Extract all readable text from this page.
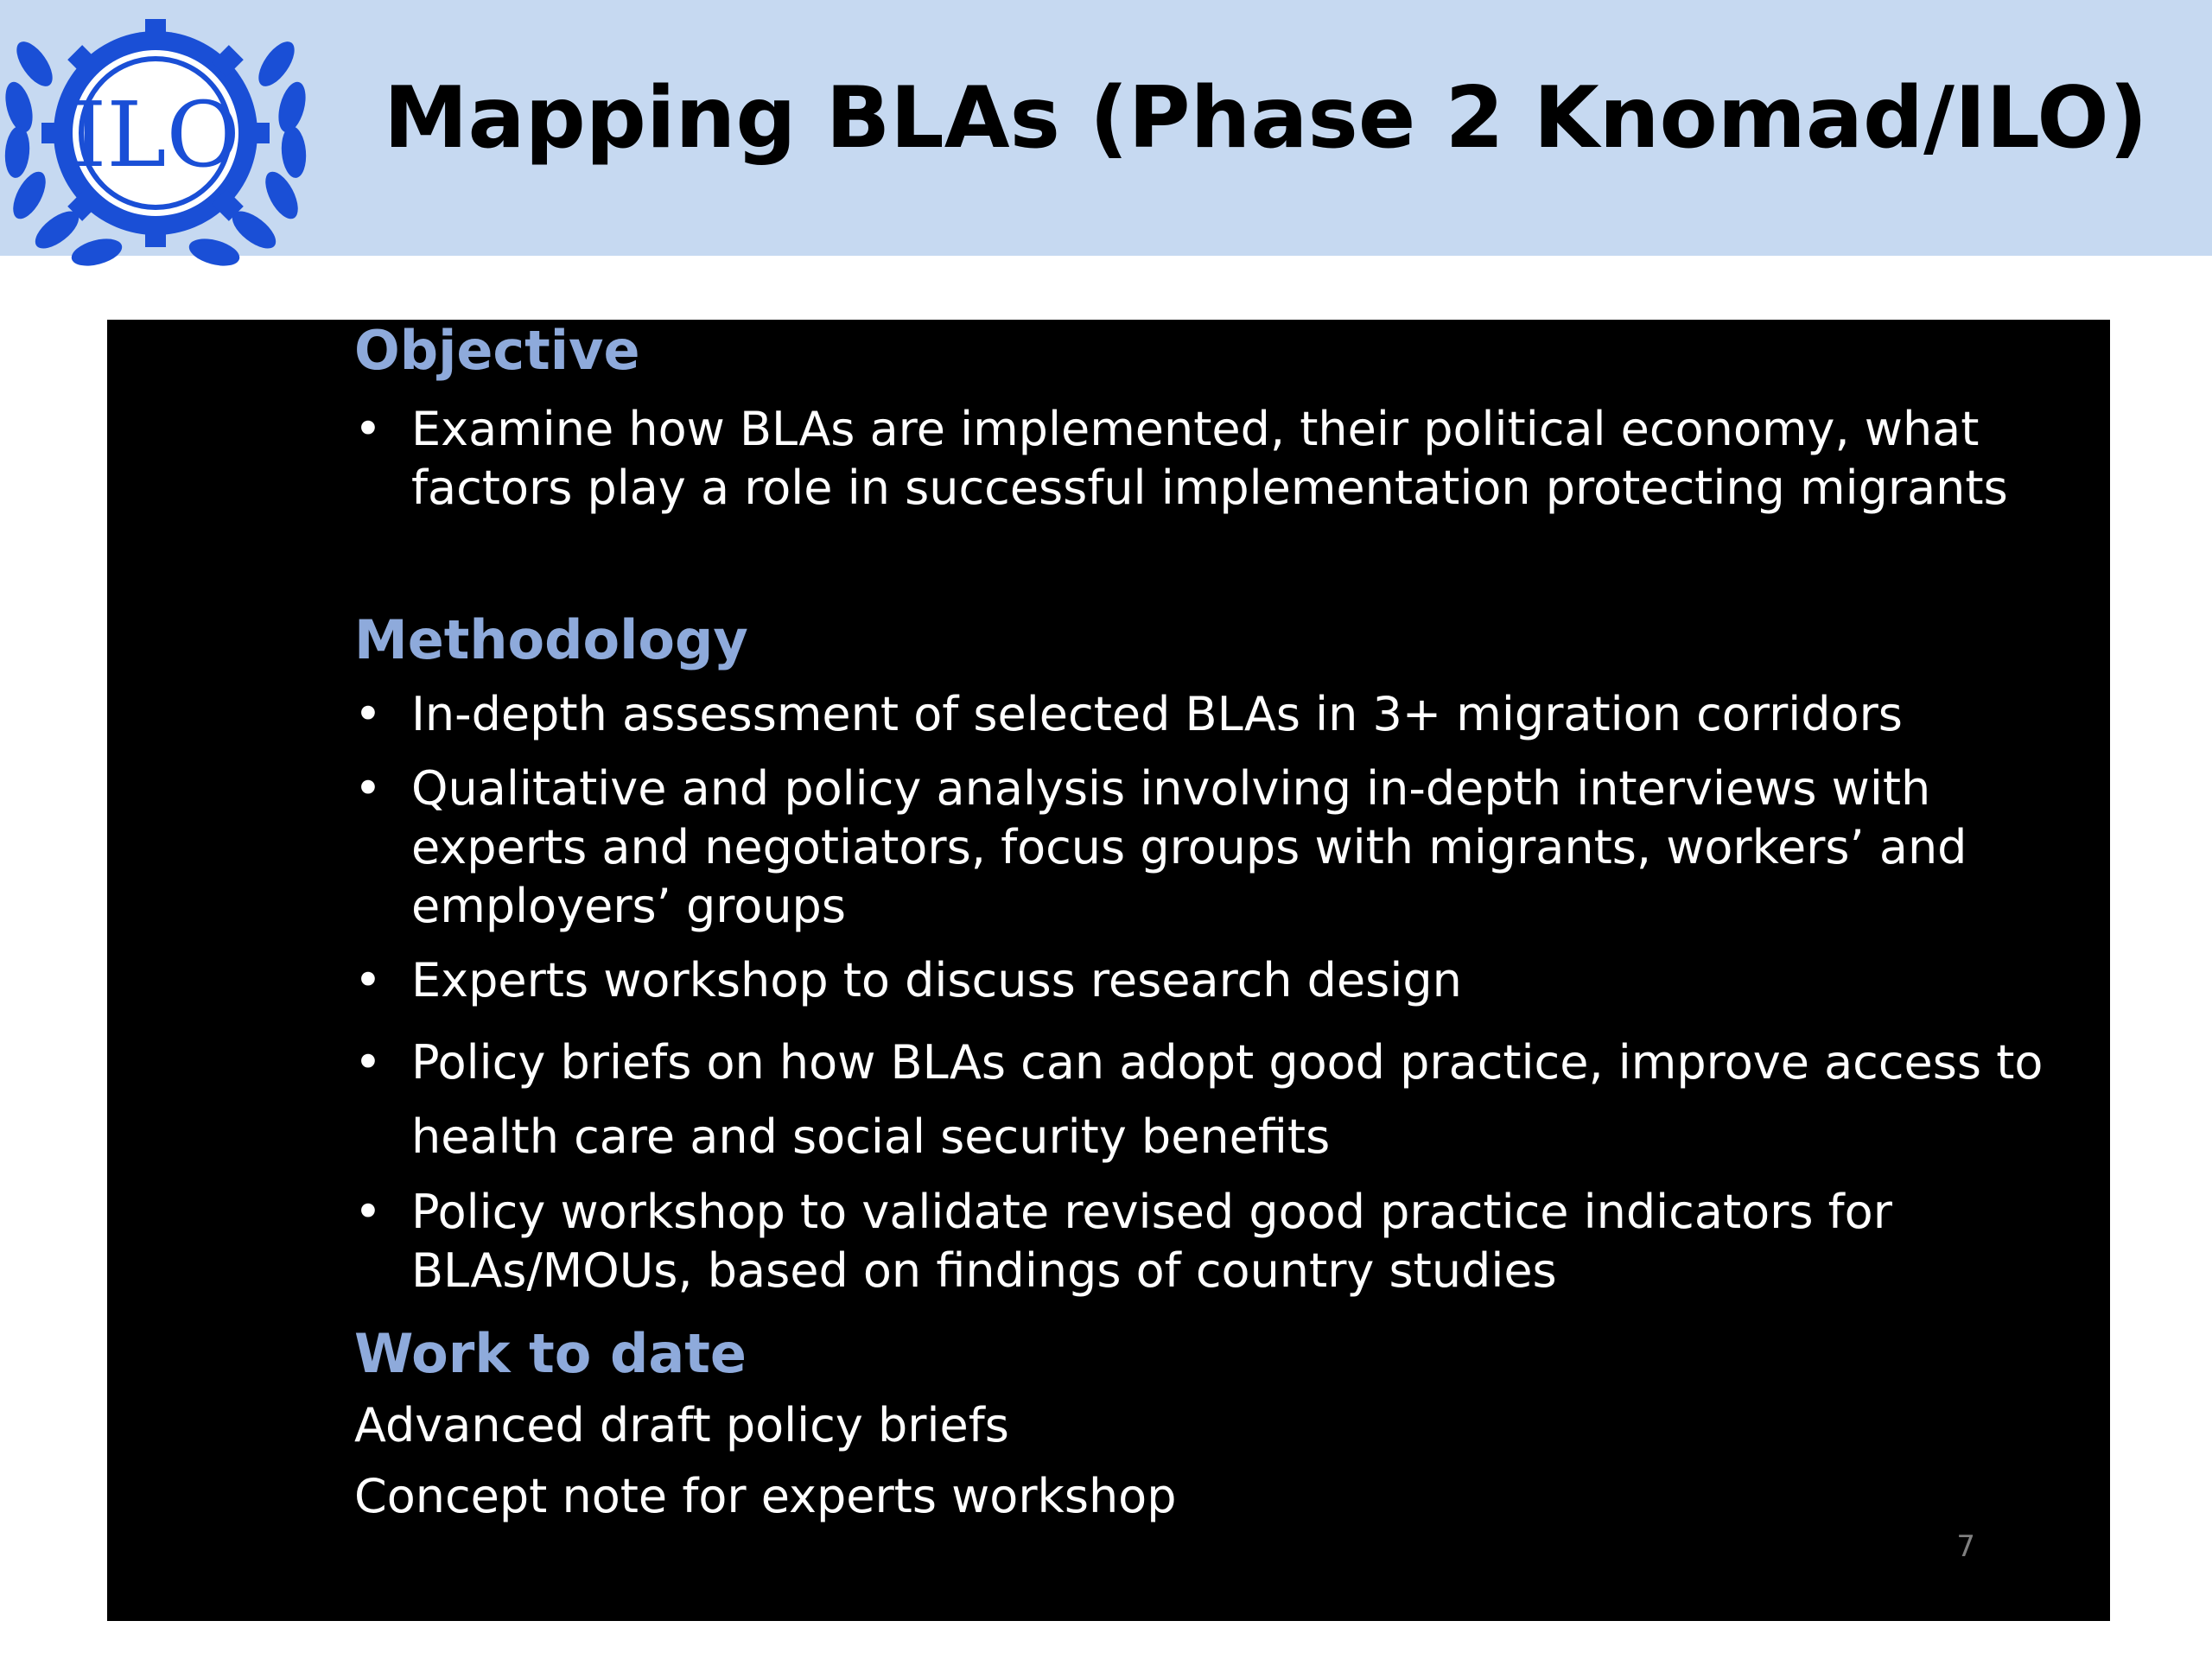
ILO Mapping BLAs (Phase 2 Knomad/ILO)
7
Objective
• Examine how BLAs are implemented, their political economy, what factors play a role in successful implementation protecting migrants
Methodology
• In-depth assessment of selected BLAs in 3+ migration corridors
• Qualitative and policy analysis involving in-depth interviews with experts and negotiators, focus groups with migrants, workers’ and employers’ groups
• Experts workshop to discuss research design
• Policy briefs on how BLAs can adopt good practice, improve access to health care and social security benefits
• Policy workshop to validate revised good practice indicators for BLAs/MOUs, based on findings of country studies
Work to date

Advanced draft policy briefs

Concept note for experts workshop
